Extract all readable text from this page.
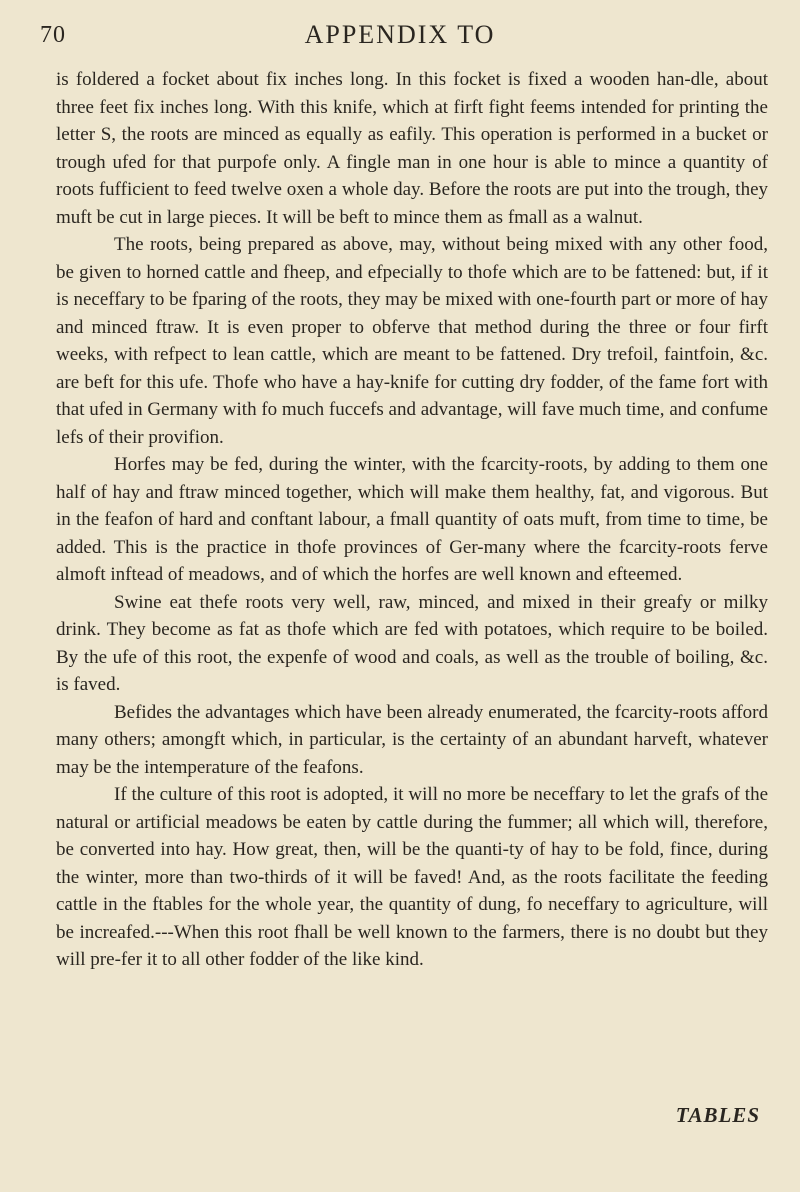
70	APPENDIX TO

is foldered a focket about fix inches long. In this focket is fixed a wooden han-dle, about three feet fix inches long. With this knife, which at firft fight feems intended for printing the letter S, the roots are minced as equally as eafily. This operation is performed in a bucket or trough ufed for that purpofe only. A fingle man in one hour is able to mince a quantity of roots fufficient to feed twelve oxen a whole day. Before the roots are put into the trough, they muft be cut in large pieces. It will be beft to mince them as fmall as a walnut.

The roots, being prepared as above, may, without being mixed with any other food, be given to horned cattle and fheep, and efpecially to thofe which are to be fattened: but, if it is neceffary to be fparing of the roots, they may be mixed with one-fourth part or more of hay and minced ftraw. It is even proper to obferve that method during the three or four firft weeks, with refpect to lean cattle, which are meant to be fattened. Dry trefoil, faintfoin, &c. are beft for this ufe. Thofe who have a hay-knife for cutting dry fodder, of the fame fort with that ufed in Germany with fo much fuccefs and advantage, will fave much time, and confume lefs of their provifion.

Horfes may be fed, during the winter, with the fcarcity-roots, by adding to them one half of hay and ftraw minced together, which will make them healthy, fat, and vigorous. But in the feafon of hard and conftant labour, a fmall quantity of oats muft, from time to time, be added. This is the practice in thofe provinces of Ger-many where the fcarcity-roots ferve almoft inftead of meadows, and of which the horfes are well known and efteemed.

Swine eat thefe roots very well, raw, minced, and mixed in their greafy or milky drink. They become as fat as thofe which are fed with potatoes, which require to be boiled. By the ufe of this root, the expenfe of wood and coals, as well as the trouble of boiling, &c. is faved.

Befides the advantages which have been already enumerated, the fcarcity-roots afford many others; amongft which, in particular, is the certainty of an abundant harveft, whatever may be the intemperature of the feafons.

If the culture of this root is adopted, it will no more be neceffary to let the grafs of the natural or artificial meadows be eaten by cattle during the fummer; all which will, therefore, be converted into hay. How great, then, will be the quanti-ty of hay to be fold, fince, during the winter, more than two-thirds of it will be faved! And, as the roots facilitate the feeding cattle in the ftables for the whole year, the quantity of dung, fo neceffary to agriculture, will be increafed.---When this root fhall be well known to the farmers, there is no doubt but they will pre-fer it to all other fodder of the like kind.

TABLES
